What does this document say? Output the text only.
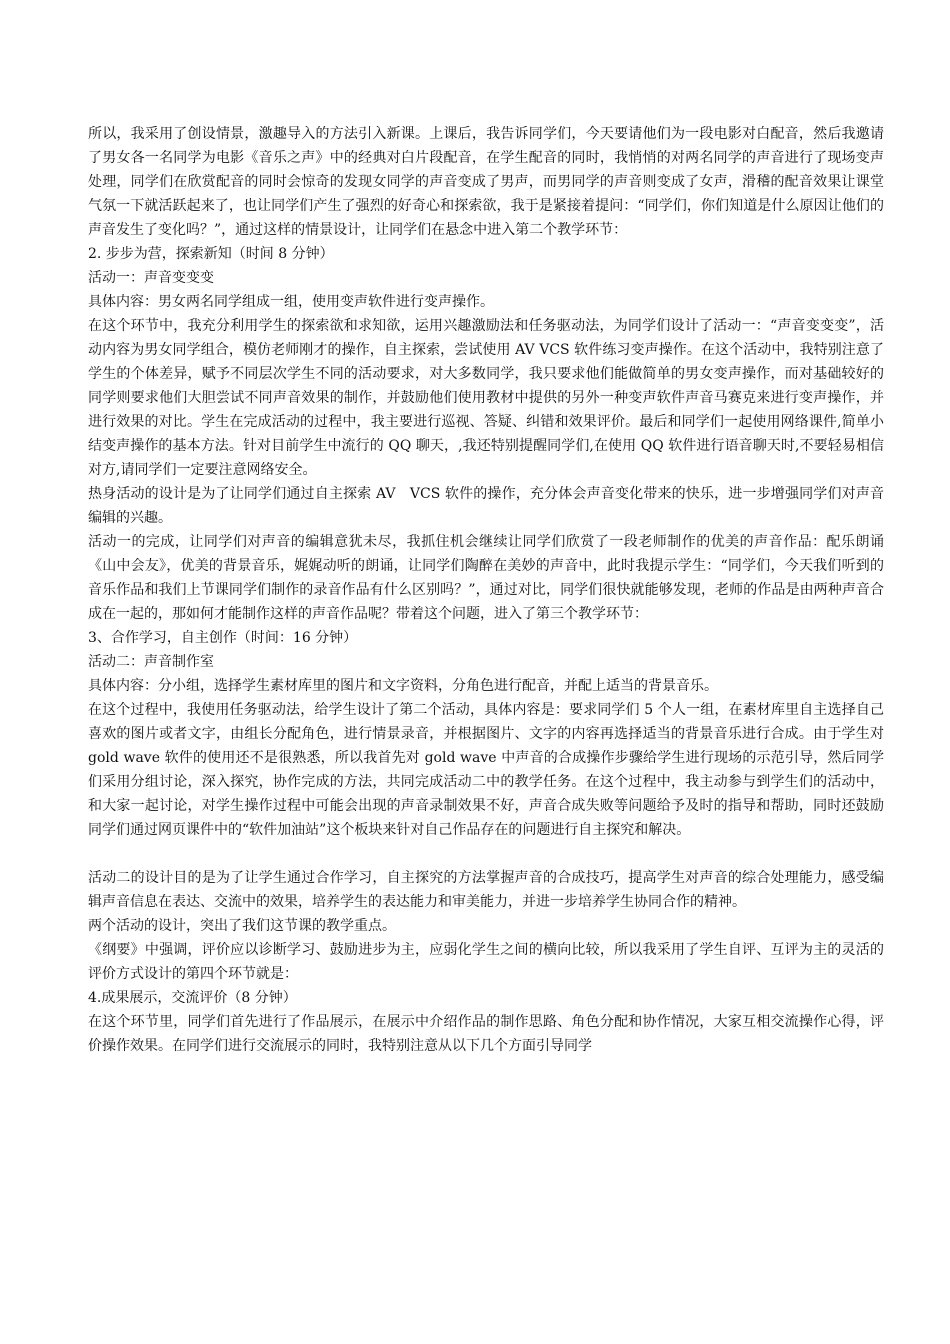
所以，我采用了创设情景，激趣导入的方法引入新课。上课后，我告诉同学们，今天要请他们为一段电影对白配音，然后我邀请了男女各一名同学为电影《音乐之声》中的经典对白片段配音，在学生配音的同时，我悄悄的对两名同学的声音进行了现场变声处理，同学们在欣赏配音的同时会惊奇的发现女同学的声音变成了男声，而男同学的声音则变成了女声，滑稽的配音效果让课堂气氛一下就活跃起来了，也让同学们产生了强烈的好奇心和探索欲，我于是紧接着提问：“同学们，你们知道是什么原因让他们的声音发生了变化吗？”，通过这样的情景设计，让同学们在悬念中进入第二个教学环节：

2. 步步为营，探索新知（时间 8 分钟）

活动一：声音变变变

具体内容：男女两名同学组成一组，使用变声软件进行变声操作。

在这个环节中，我充分利用学生的探索欲和求知欲，运用兴趣激励法和任务驱动法，为同学们设计了活动一：“声音变变变”，活动内容为男女同学组合，模仿老师刚才的操作，自主探索，尝试使用 AV VCS 软件练习变声操作。在这个活动中，我特别注意了学生的个体差异，赋予不同层次学生不同的活动要求，对大多数同学，我只要求他们能做简单的男女变声操作，而对基础较好的同学则要求他们大胆尝试不同声音效果的制作，并鼓励他们使用教材中提供的另外一种变声软件声音马赛克来进行变声操作，并进行效果的对比。学生在完成活动的过程中，我主要进行巡视、答疑、纠错和效果评价。最后和同学们一起使用网络课件,简单小结变声操作的基本方法。针对目前学生中流行的 QQ 聊天，,我还特别提醒同学们,在使用 QQ 软件进行语音聊天时,不要轻易相信对方,请同学们一定要注意网络安全。

热身活动的设计是为了让同学们通过自主探索 AV　VCS 软件的操作，充分体会声音变化带来的快乐，进一步增强同学们对声音编辑的兴趣。

活动一的完成，让同学们对声音的编辑意犹未尽，我抓住机会继续让同学们欣赏了一段老师制作的优美的声音作品：配乐朗诵《山中会友》，优美的背景音乐，娓娓动听的朗诵，让同学们陶醉在美妙的声音中，此时我提示学生：“同学们，今天我们听到的音乐作品和我们上节课同学们制作的录音作品有什么区别吗？”，通过对比，同学们很快就能够发现，老师的作品是由两种声音合成在一起的，那如何才能制作这样的声音作品呢？带着这个问题，进入了第三个教学环节：

3、合作学习，自主创作（时间：16 分钟）

活动二：声音制作室

具体内容：分小组，选择学生素材库里的图片和文字资料，分角色进行配音，并配上适当的背景音乐。

在这个过程中，我使用任务驱动法，给学生设计了第二个活动，具体内容是：要求同学们 5 个人一组，在素材库里自主选择自己喜欢的图片或者文字，由组长分配角色，进行情景录音，并根据图片、文字的内容再选择适当的背景音乐进行合成。由于学生对 gold wave 软件的使用还不是很熟悉，所以我首先对 gold wave 中声音的合成操作步骤给学生进行现场的示范引导，然后同学们采用分组讨论，深入探究，协作完成的方法，共同完成活动二中的教学任务。在这个过程中，我主动参与到学生们的活动中，和大家一起讨论，对学生操作过程中可能会出现的声音录制效果不好，声音合成失败等问题给予及时的指导和帮助，同时还鼓励同学们通过网页课件中的“软件加油站”这个板块来针对自己作品存在的问题进行自主探究和解决。

活动二的设计目的是为了让学生通过合作学习，自主探究的方法掌握声音的合成技巧，提高学生对声音的综合处理能力，感受编辑声音信息在表达、交流中的效果，培养学生的表达能力和审美能力，并进一步培养学生协同合作的精神。

两个活动的设计，突出了我们这节课的教学重点。

《纲要》中强调，评价应以诊断学习、鼓励进步为主，应弱化学生之间的横向比较，所以我采用了学生自评、互评为主的灵活的评价方式设计的第四个环节就是：

4.成果展示，交流评价（8 分钟）

在这个环节里，同学们首先进行了作品展示，在展示中介绍作品的制作思路、角色分配和协作情况，大家互相交流操作心得，评价操作效果。在同学们进行交流展示的同时，我特别注意从以下几个方面引导同学
